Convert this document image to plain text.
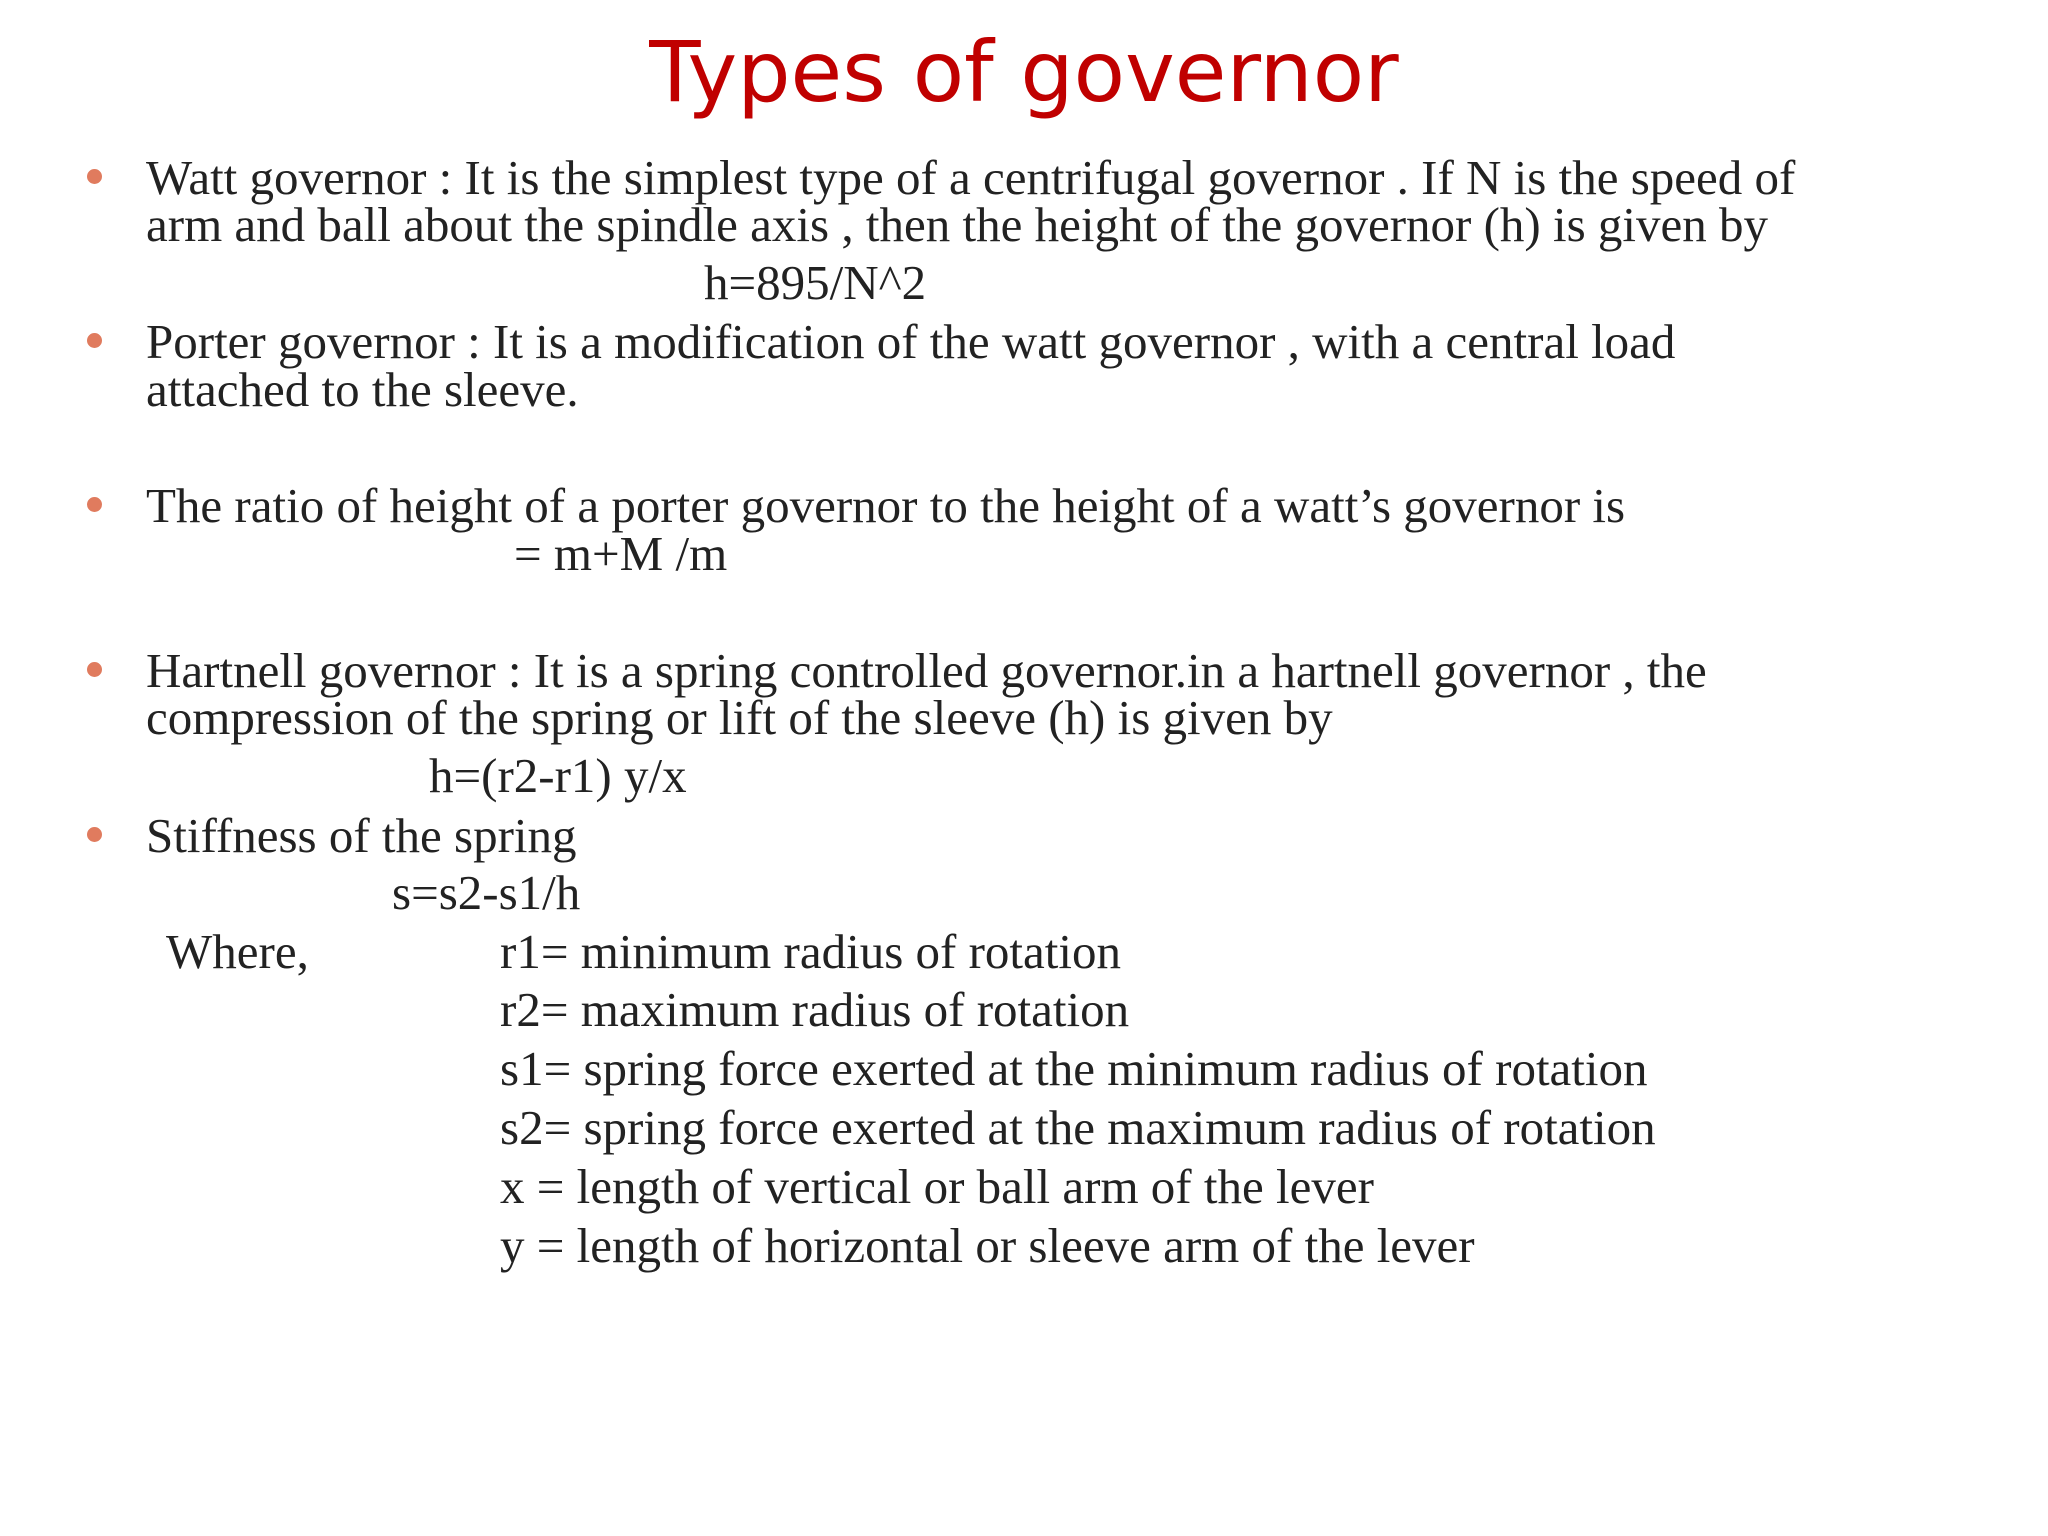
Types of governor
Watt governor : It is the simplest type of a centrifugal governor . If N is the speed of
arm and ball about the spindle axis , then the height of the governor (h) is given by
h=895/N^2
Porter governor : It is a modification of the watt governor , with a central load
attached to the sleeve.
The ratio of height of a porter governor to the height of a watt’s governor is
= m+M /m
Hartnell governor : It is a spring controlled governor.in a hartnell governor , the
compression of the spring or lift of the sleeve (h) is given by
h=(r2-r1) y/x
Stiffness of the spring
s=s2-s1/h
Where,	r1= minimum radius of rotation
r2= maximum radius of rotation
s1= spring force exerted at the minimum radius of rotation
s2= spring force exerted at the maximum radius of rotation
x = length of vertical or ball arm of the lever
y = length of horizontal or sleeve arm of the lever
